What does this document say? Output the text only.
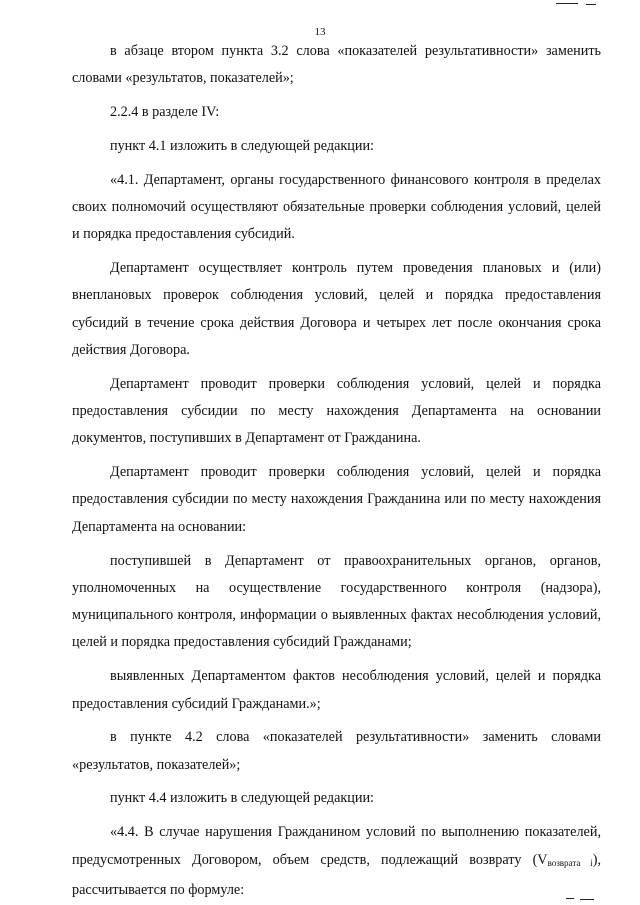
13

в абзаце втором пункта 3.2 слова «показателей результативности» заменить словами «результатов, показателей»;

2.2.4 в разделе IV:

пункт 4.1 изложить в следующей редакции:

«4.1. Департамент, органы государственного финансового контроля в пределах своих полномочий осуществляют обязательные проверки соблюдения условий, целей и порядка предоставления субсидий.

Департамент осуществляет контроль путем проведения плановых и (или) внеплановых проверок соблюдения условий, целей и порядка предоставления субсидий в течение срока действия Договора и четырех лет после окончания срока действия Договора.

Департамент проводит проверки соблюдения условий, целей и порядка предоставления субсидии по месту нахождения Департамента на основании документов, поступивших в Департамент от Гражданина.

Департамент проводит проверки соблюдения условий, целей и порядка предоставления субсидии по месту нахождения Гражданина или по месту нахождения Департамента на основании:

поступившей в Департамент от правоохранительных органов, органов, уполномоченных на осуществление государственного контроля (надзора), муниципального контроля, информации о выявленных фактах несоблюдения условий, целей и порядка предоставления субсидий Гражданами;

выявленных Департаментом фактов несоблюдения условий, целей и порядка предоставления субсидий Гражданами.»;

в пункте 4.2 слова «показателей результативности» заменить словами «результатов, показателей»;

пункт 4.4 изложить в следующей редакции:

«4.4. В случае нарушения Гражданином условий по выполнению показателей, предусмотренных Договором, объем средств, подлежащий возврату $(V_{возврата i})$, рассчитывается по формуле:
